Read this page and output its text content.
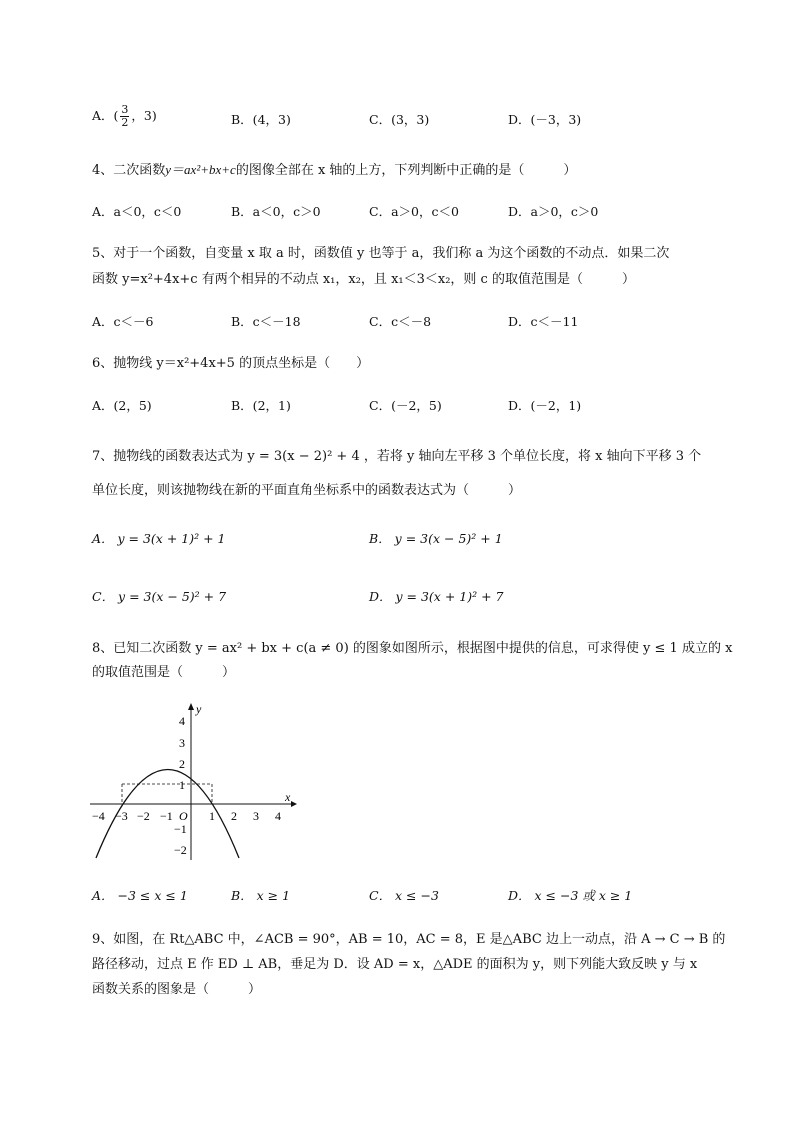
A．( $\frac{3}{2}$ ，3)	B．(4，3)	C．(3，3)	D．(－3，3)
4、二次函数y＝ax²+bx+c的图像全部在 x 轴的上方，下列判断中正确的是（　　　）
A．a＜0，c＜0	B．a＜0，c＞0	C．a＞0，c＜0	D．a＞0，c＞0
5、对于一个函数，自变量 x 取 a 时，函数值 y 也等于 a，我们称 a 为这个函数的不动点．如果二次
函数 y=x²+4x+c 有两个相异的不动点 x₁，x₂，且 x₁＜3＜x₂，则 c 的取值范围是（　　　）
A．c＜－6	B．c＜－18	C．c＜－8	D．c＜－11
6、抛物线 y＝x²+4x+5 的顶点坐标是（　　）
A．(2，5)	B．(2，1)	C．(－2，5)	D．(－2，1)
7、抛物线的函数表达式为 y = 3(x − 2)² + 4 ，若将 y 轴向左平移 3 个单位长度，将 x 轴向下平移 3 个
单位长度，则该抛物线在新的平面直角坐标系中的函数表达式为（　　　）
A． y = 3(x + 1)² + 1	B． y = 3(x − 5)² + 1
C． y = 3(x − 5)² + 7	D． y = 3(x + 1)² + 7
8、已知二次函数 y = ax² + bx + c(a ≠ 0) 的图象如图所示，根据图中提供的信息，可求得使 y ≤ 1 成立的 x
的取值范围是（　　　）
x
y
−4 −3 −2 −1 O 1 2 3 4
4
3
2
1
−1
−2
A． −3 ≤ x ≤ 1	B． x ≥ 1	C． x ≤ −3	D． x ≤ −3 或 x ≥ 1
9、如图，在 Rt△ABC 中，∠ACB = 90°，AB = 10，AC = 8，E 是△ABC 边上一动点，沿 A → C → B 的
路径移动，过点 E 作 ED ⊥ AB，垂足为 D．设 AD = x，△ADE 的面积为 y，则下列能大致反映 y 与 x
函数关系的图象是（　　　）
